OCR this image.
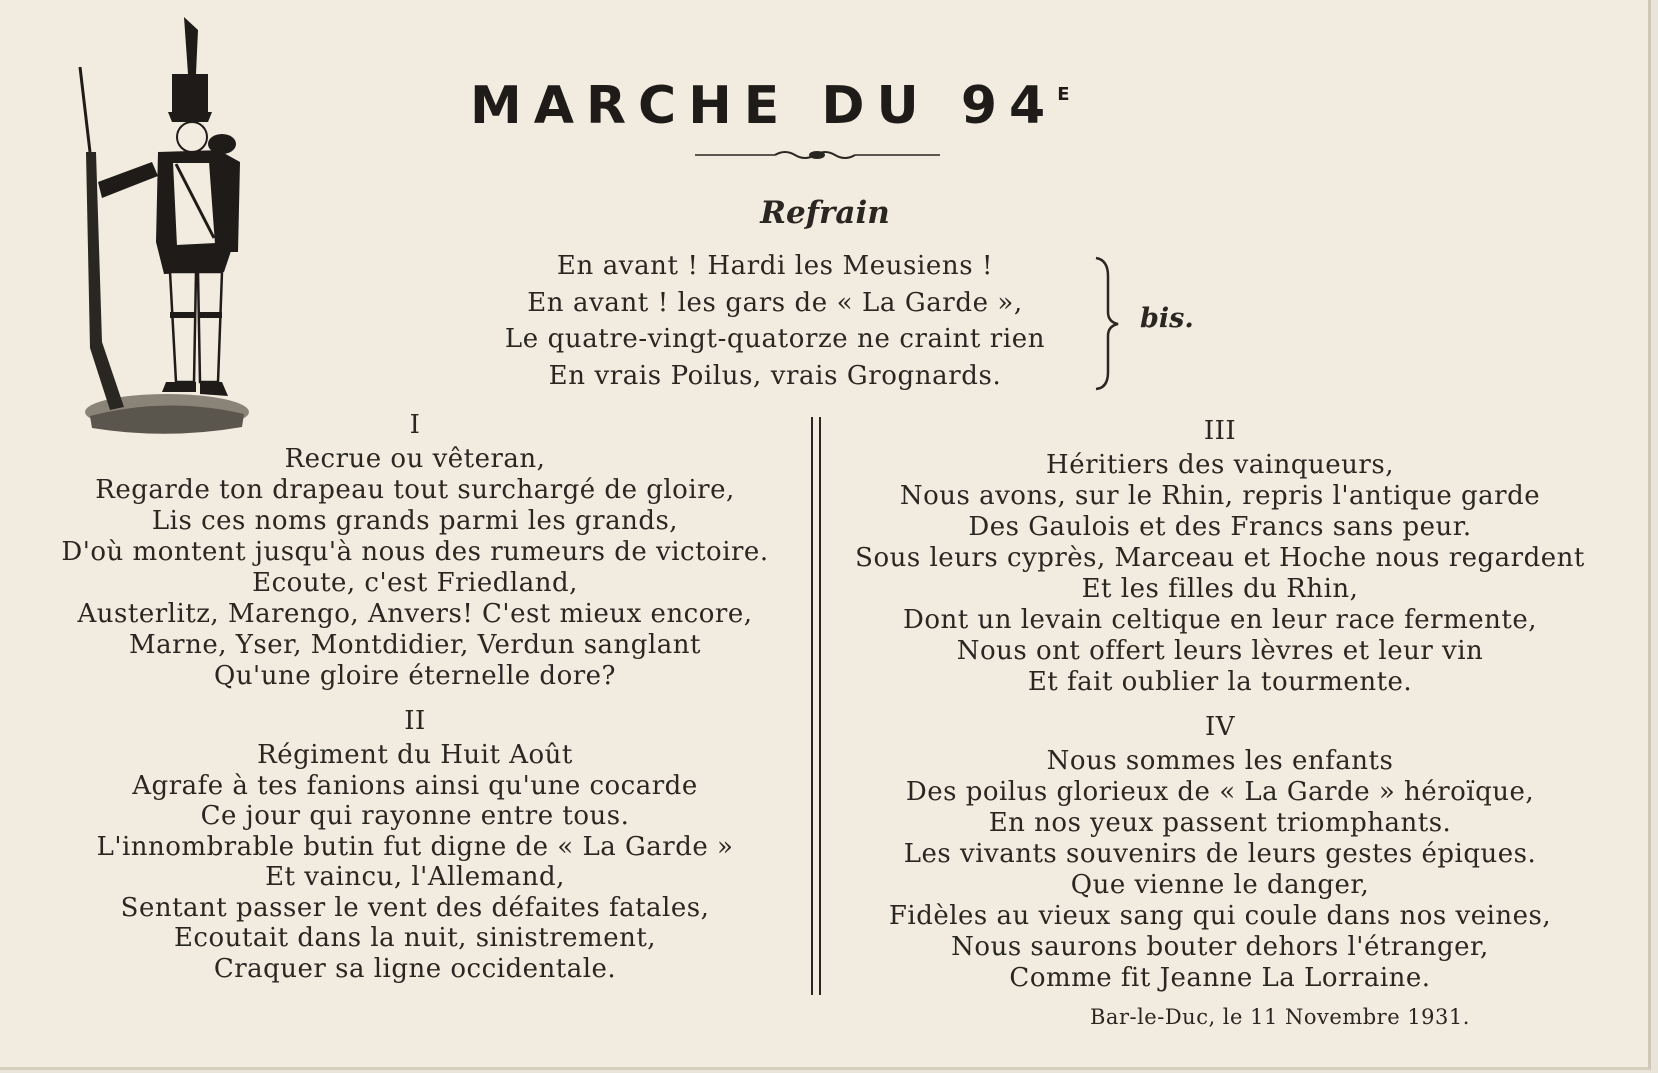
MARCHE DU $94^E$
Refrain
En avant ! Hardi les Meusiens !
En avant ! les gars de « La Garde »,
Le quatre-vingt-quatorze ne craint rien
En vrais Poilus, vrais Grognards.
bis.
I
Recrue ou vêteran,
Regarde ton drapeau tout surchargé de gloire,
Lis ces noms grands parmi les grands,
D'où montent jusqu'à nous des rumeurs de victoire.
Ecoute, c'est Friedland,
Austerlitz, Marengo, Anvers! C'est mieux encore,
Marne, Yser, Montdidier, Verdun sanglant
Qu'une gloire éternelle dore?
II
Régiment du Huit Août
Agrafe à tes fanions ainsi qu'une cocarde
Ce jour qui rayonne entre tous.
L'innombrable butin fut digne de « La Garde »
Et vaincu, l'Allemand,
Sentant passer le vent des défaites fatales,
Ecoutait dans la nuit, sinistrement,
Craquer sa ligne occidentale.
III
Héritiers des vainqueurs,
Nous avons, sur le Rhin, repris l'antique garde
Des Gaulois et des Francs sans peur.
Sous leurs cyprès, Marceau et Hoche nous regardent
Et les filles du Rhin,
Dont un levain celtique en leur race fermente,
Nous ont offert leurs lèvres et leur vin
Et fait oublier la tourmente.
IV
Nous sommes les enfants
Des poilus glorieux de « La Garde » héroïque,
En nos yeux passent triomphants.
Les vivants souvenirs de leurs gestes épiques.
Que vienne le danger,
Fidèles au vieux sang qui coule dans nos veines,
Nous saurons bouter dehors l'étranger,
Comme fit Jeanne La Lorraine.
Bar-le-Duc, le 11 Novembre 1931.
